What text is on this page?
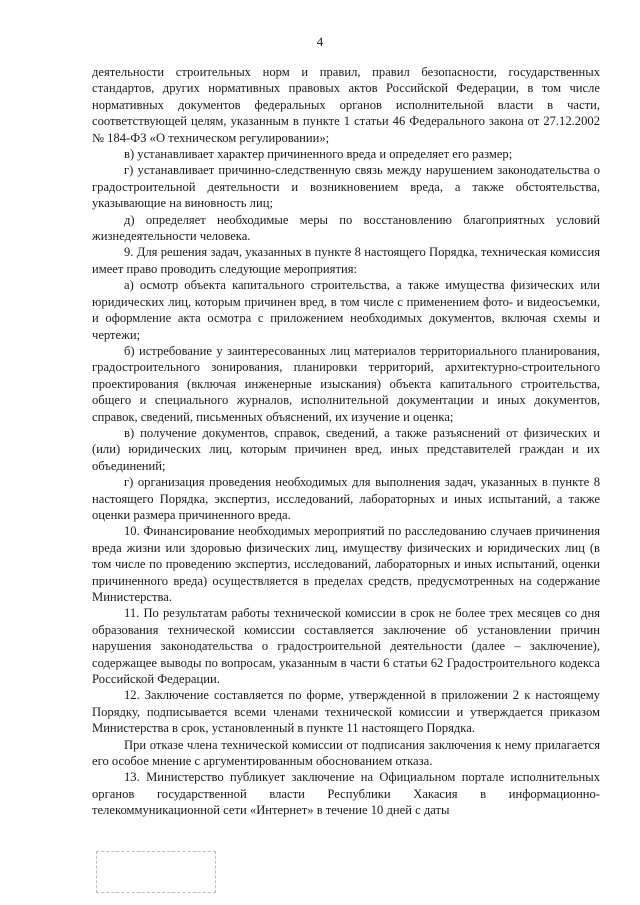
4

деятельности строительных норм и правил, правил безопасности, государственных стандартов, других нормативных правовых актов Российской Федерации, в том числе нормативных документов федеральных органов исполнительной власти в части, соответствующей целям, указанным в пункте 1 статьи 46 Федерального закона от 27.12.2002 № 184-ФЗ «О техническом регулировании»;

в) устанавливает характер причиненного вреда и определяет его размер;

г) устанавливает причинно-следственную связь между нарушением законодательства о градостроительной деятельности и возникновением вреда, а также обстоятельства, указывающие на виновность лиц;

д) определяет необходимые меры по восстановлению благоприятных условий жизнедеятельности человека.

9. Для решения задач, указанных в пункте 8 настоящего Порядка, техническая комиссия имеет право проводить следующие мероприятия:

а) осмотр объекта капитального строительства, а также имущества физических или юридических лиц, которым причинен вред, в том числе с применением фото- и видеосъемки, и оформление акта осмотра с приложением необходимых документов, включая схемы и чертежи;

б) истребование у заинтересованных лиц материалов территориального планирования, градостроительного зонирования, планировки территорий, архитектурно-строительного проектирования (включая инженерные изыскания) объекта капитального строительства, общего и специального журналов, исполнительной документации и иных документов, справок, сведений, письменных объяснений, их изучение и оценка;

в) получение документов, справок, сведений, а также разъяснений от физических и (или) юридических лиц, которым причинен вред, иных представителей граждан и их объединений;

г) организация проведения необходимых для выполнения задач, указанных в пункте 8 настоящего Порядка, экспертиз, исследований, лабораторных и иных испытаний, а также оценки размера причиненного вреда.

10. Финансирование необходимых мероприятий по расследованию случаев причинения вреда жизни или здоровью физических лиц, имуществу физических и юридических лиц (в том числе по проведению экспертиз, исследований, лабораторных и иных испытаний, оценки причиненного вреда) осуществляется в пределах средств, предусмотренных на содержание Министерства.

11. По результатам работы технической комиссии в срок не более трех месяцев со дня образования технической комиссии составляется заключение об установлении причин нарушения законодательства о градостроительной деятельности (далее – заключение), содержащее выводы по вопросам, указанным в части 6 статьи 62 Градостроительного кодекса Российской Федерации.

12. Заключение составляется по форме, утвержденной в приложении 2 к настоящему Порядку, подписывается всеми членами технической комиссии и утверждается приказом Министерства в срок, установленный в пункте 11 настоящего Порядка.

При отказе члена технической комиссии от подписания заключения к нему прилагается его особое мнение с аргументированным обоснованием отказа.

13. Министерство публикует заключение на Официальном портале исполнительных органов государственной власти Республики Хакасия в информационно-телекоммуникационной сети «Интернет» в течение 10 дней с даты
